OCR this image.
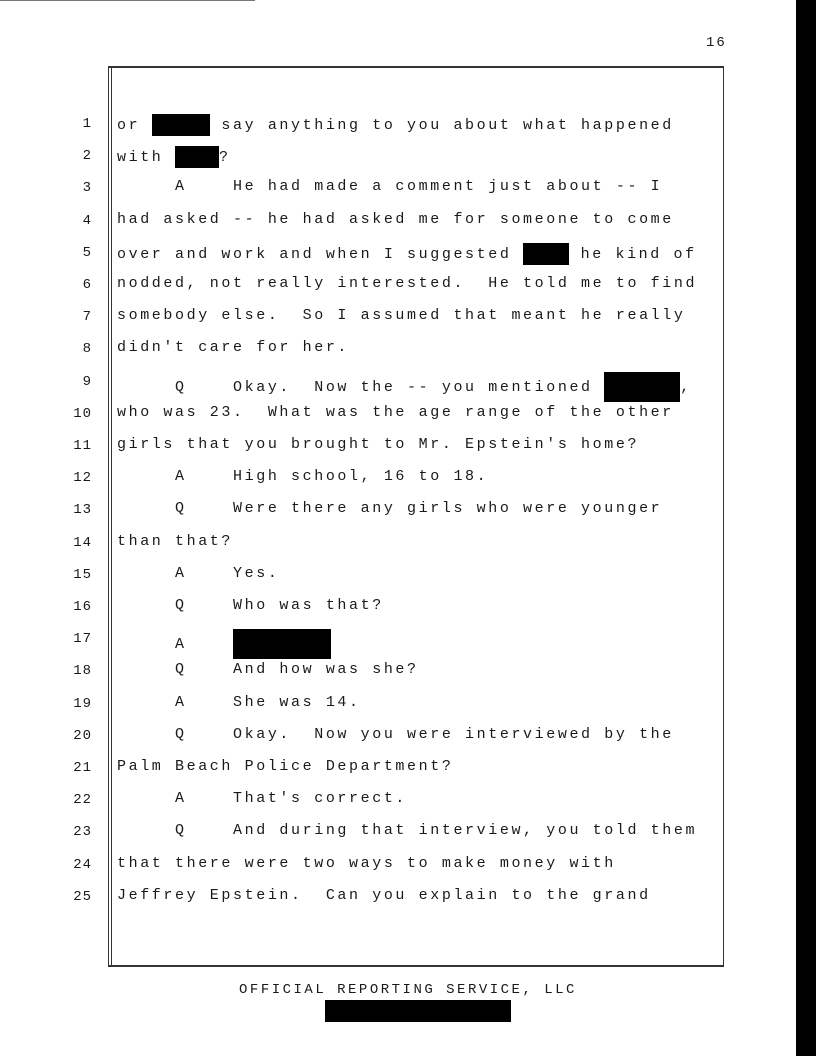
16
1
2
3
4
5
6
7
8
9
10
11
12
13
14
15
16
17
18
19
20
21
22
23
24
25
or	say anything to you about what happened
with	?
A    He had made a comment just about -- I
had asked -- he had asked me for someone to come
over and work and when I suggested	he kind of
nodded, not really interested.  He told me to find
somebody else.  So I assumed that meant he really
didn't care for her.
Q    Okay.  Now the -- you mentioned	,
who was 23.  What was the age range of the other
girls that you brought to Mr. Epstein's home?
A    High school, 16 to 18.
Q    Were there any girls who were younger
than that?
A    Yes.
Q    Who was that?
A
Q    And how was she?
A    She was 14.
Q    Okay.  Now you were interviewed by the
Palm Beach Police Department?
A    That's correct.
Q    And during that interview, you told them
that there were two ways to make money with
Jeffrey Epstein.  Can you explain to the grand
OFFICIAL REPORTING SERVICE, LLC
